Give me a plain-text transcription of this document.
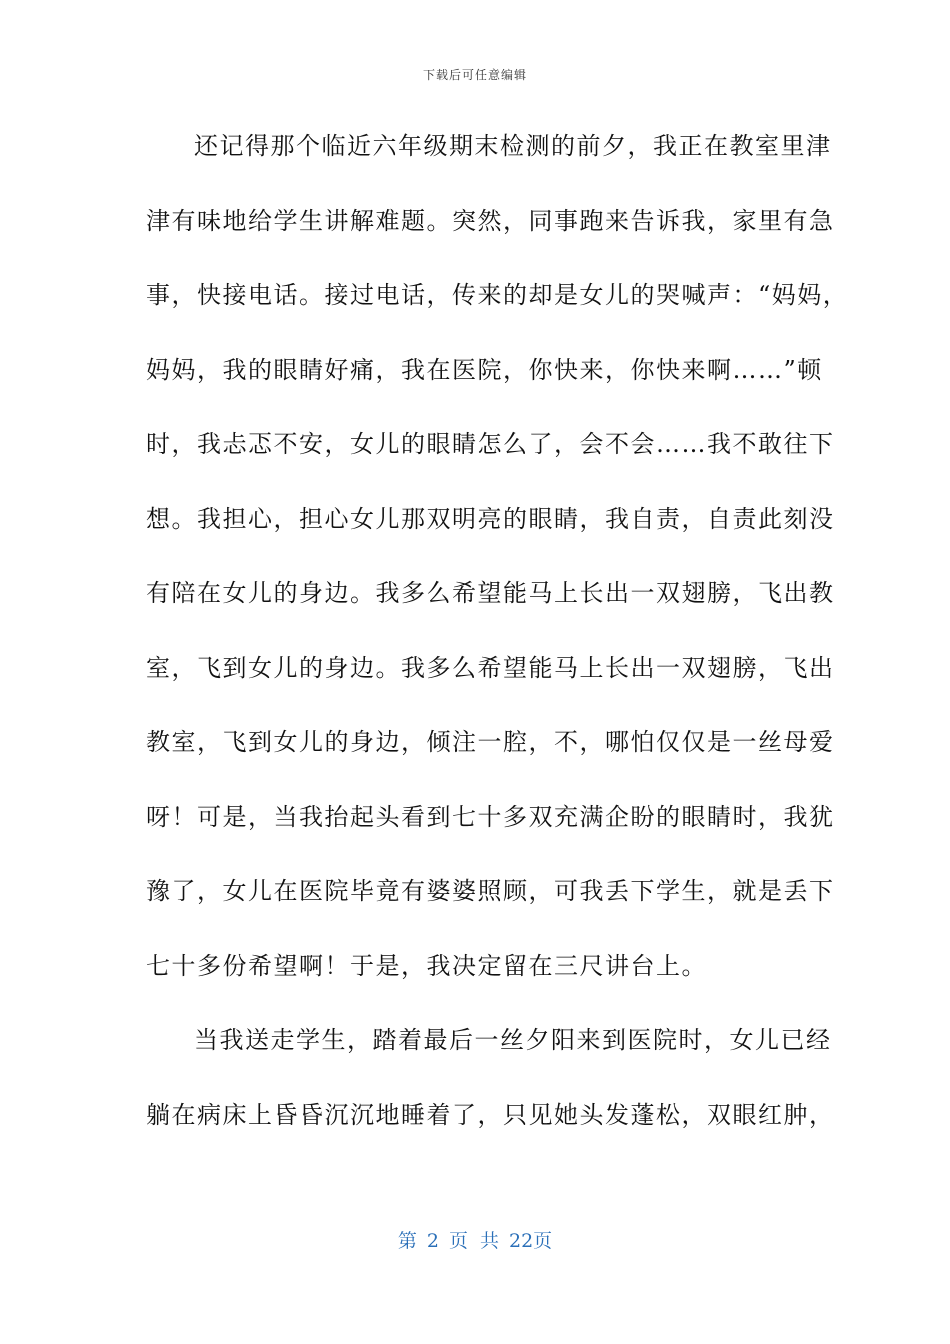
下载后可任意编辑
还记得那个临近六年级期末检测的前夕，我正在教室里津
津有味地给学生讲解难题。突然，同事跑来告诉我，家里有急
事，快接电话。接过电话，传来的却是女儿的哭喊声：“妈妈，
妈妈，我的眼睛好痛，我在医院，你快来，你快来啊……”顿
时，我忐忑不安，女儿的眼睛怎么了，会不会……我不敢往下
想。我担心，担心女儿那双明亮的眼睛，我自责，自责此刻没
有陪在女儿的身边。我多么希望能马上长出一双翅膀，飞出教
室，飞到女儿的身边。我多么希望能马上长出一双翅膀，飞出
教室，飞到女儿的身边，倾注一腔，不，哪怕仅仅是一丝母爱
呀！可是，当我抬起头看到七十多双充满企盼的眼睛时，我犹
豫了，女儿在医院毕竟有婆婆照顾，可我丢下学生，就是丢下
七十多份希望啊！于是，我决定留在三尺讲台上。
当我送走学生，踏着最后一丝夕阳来到医院时，女儿已经
躺在病床上昏昏沉沉地睡着了，只见她头发蓬松，双眼红肿，
第 2 页 共 22页
